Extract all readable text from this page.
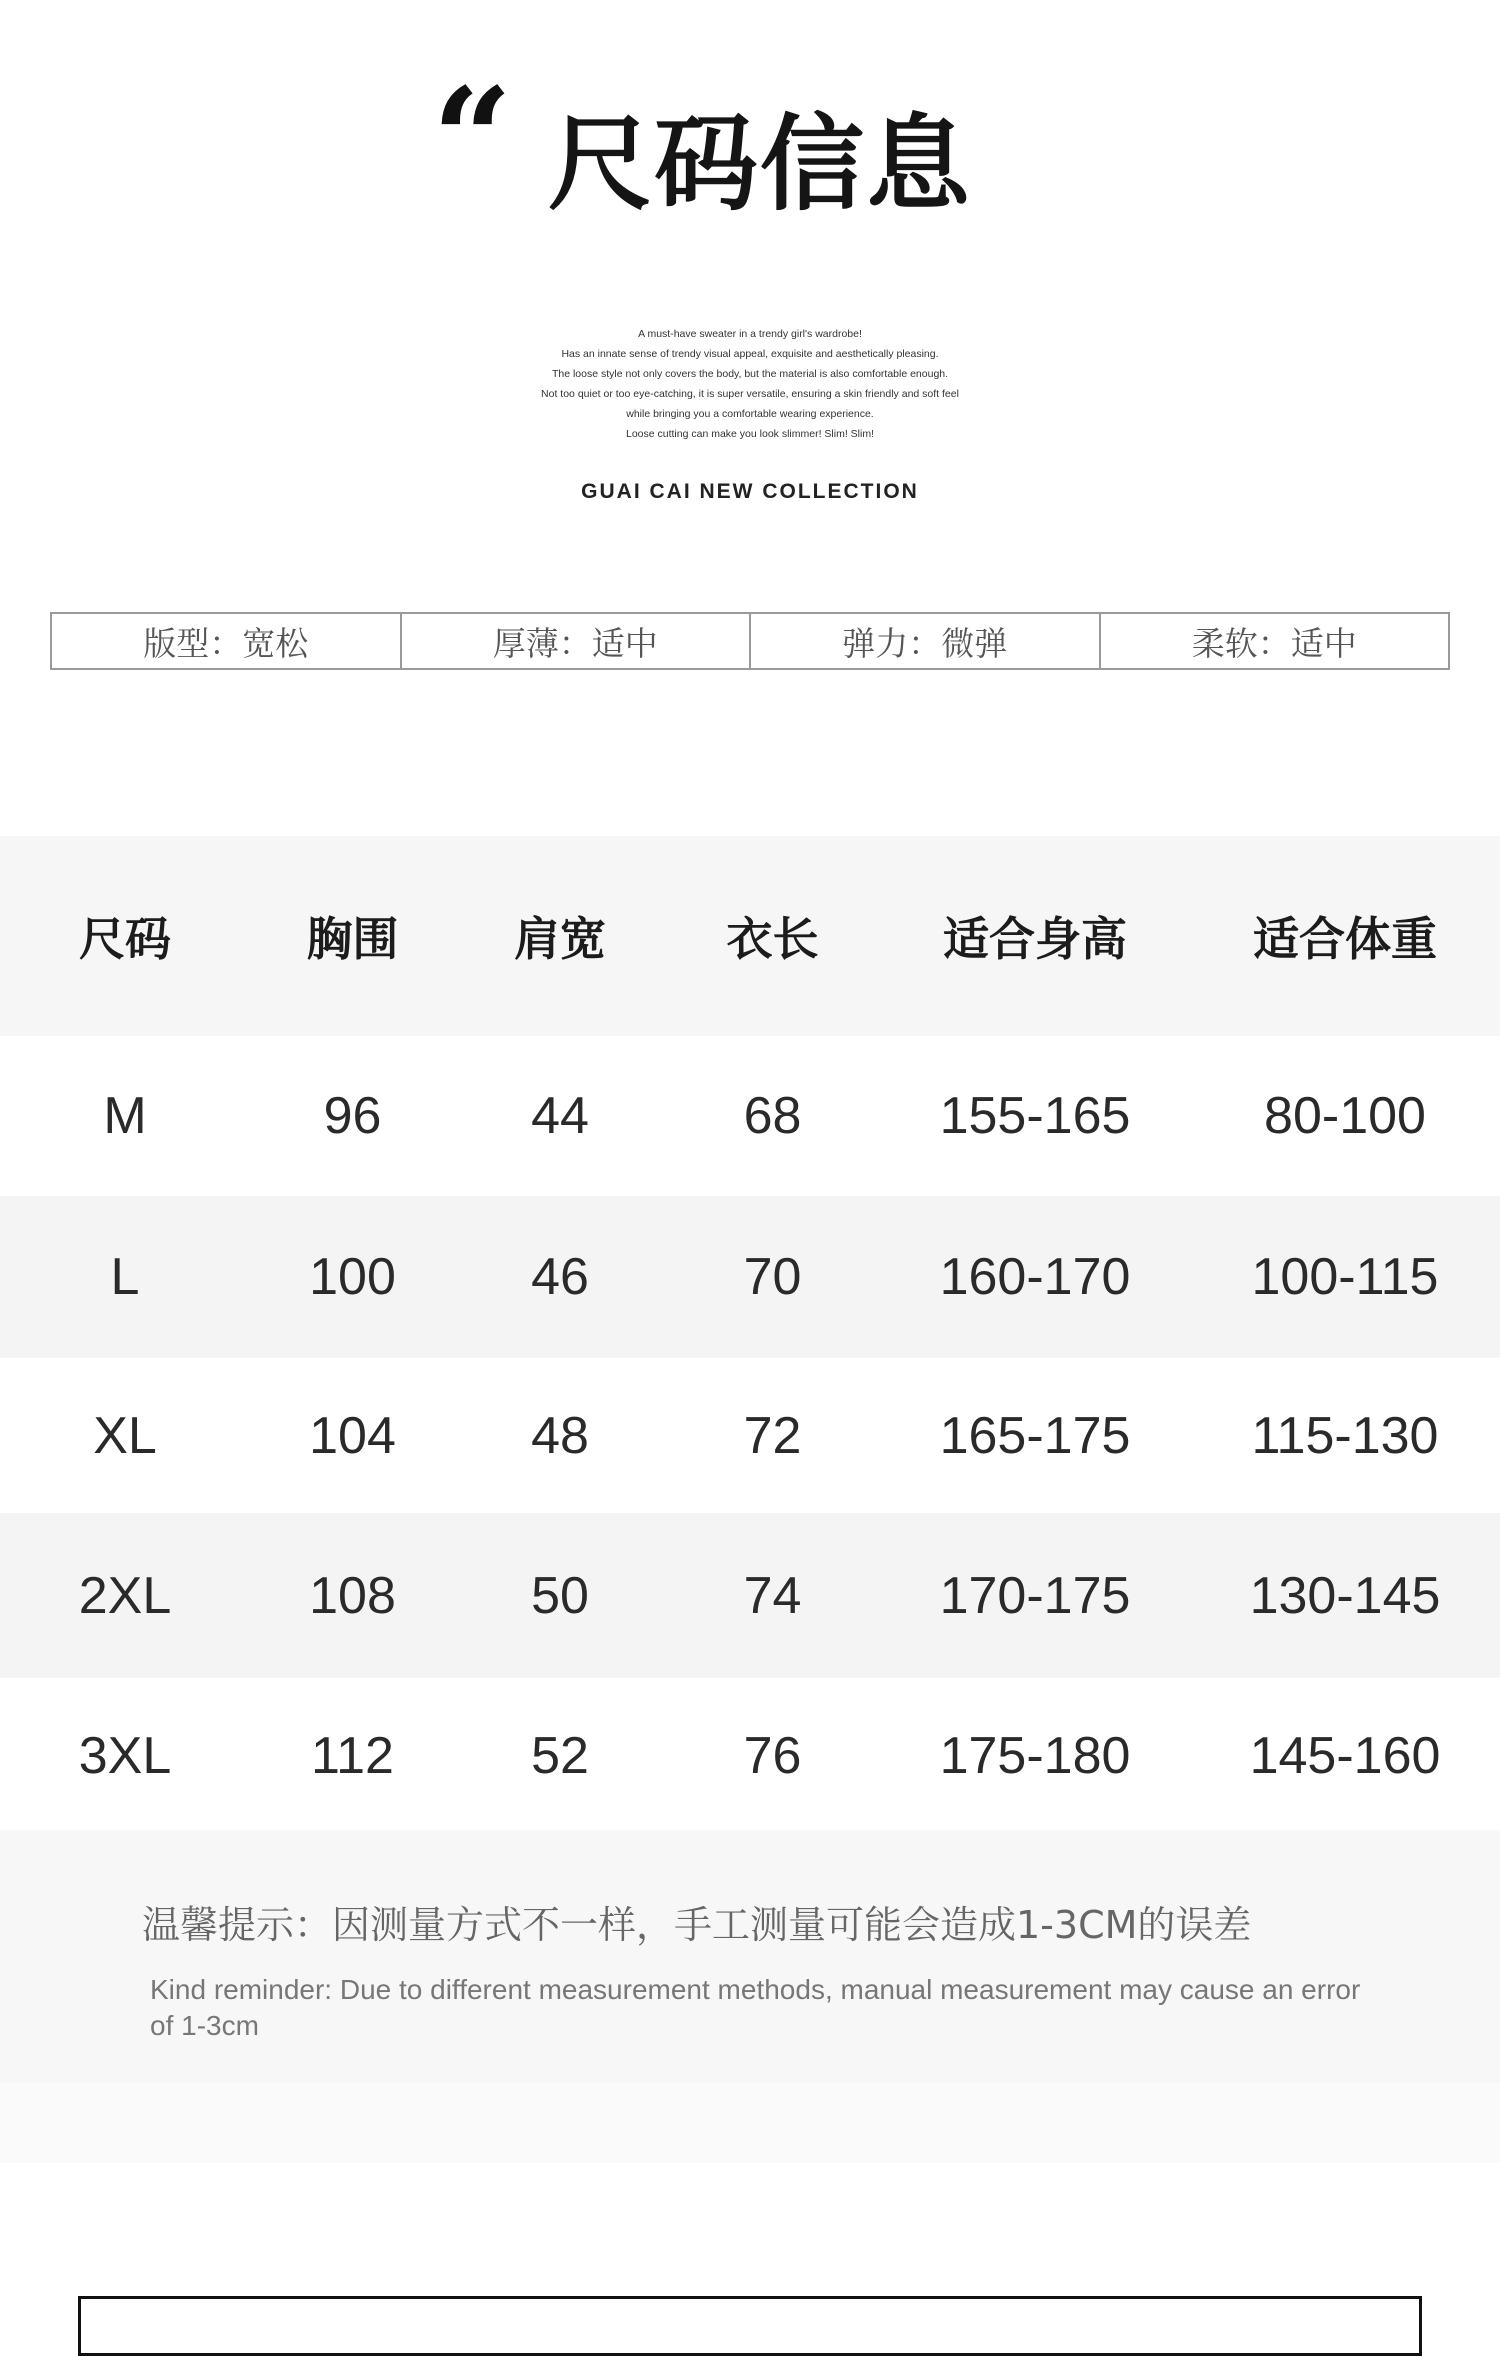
“ 尺码信息
A must-have sweater in a trendy girl's wardrobe!
Has an innate sense of trendy visual appeal, exquisite and aesthetically pleasing.
The loose style not only covers the body, but the material is also comfortable enough.
Not too quiet or too eye-catching, it is super versatile, ensuring a skin friendly and soft feel
while bringing you a comfortable wearing experience.
Loose cutting can make you look slimmer! Slim! Slim!
GUAI CAI NEW COLLECTION
版型：宽松	厚薄：适中	弹力：微弹	柔软：适中
尺码	胸围	肩宽	衣长	适合身高	适合体重
M	96	44	68	155-165	80-100
L	100	46	70	160-170	100-115
XL	104	48	72	165-175	115-130
2XL	108	50	74	170-175	130-145
3XL	112	52	76	175-180	145-160
温馨提示：因测量方式不一样，手工测量可能会造成1-3CM的误差
Kind reminder: Due to different measurement methods, manual measurement may cause an error of 1-3cm
